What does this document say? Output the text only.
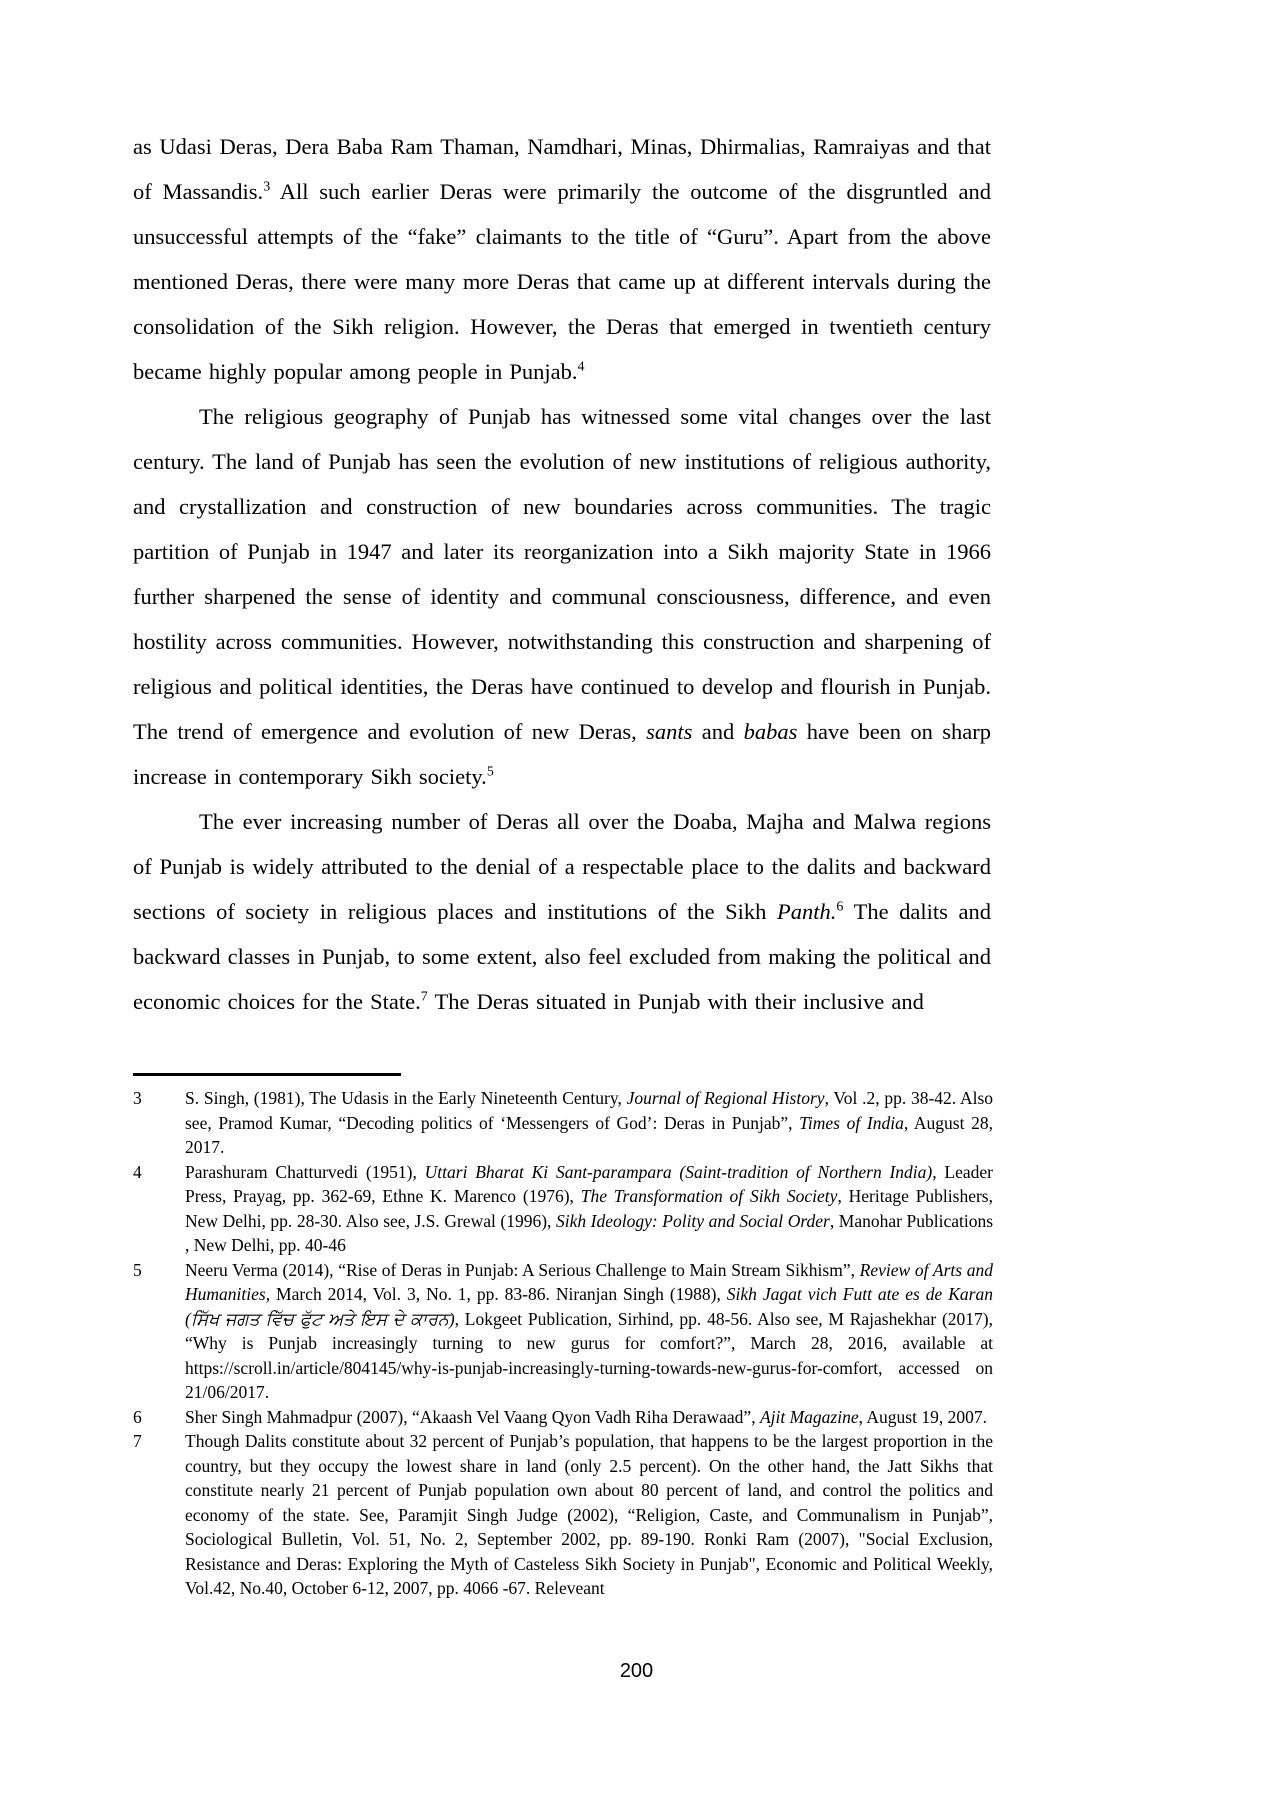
as Udasi Deras, Dera Baba Ram Thaman, Namdhari, Minas, Dhirmalias, Ramraiyas and that of Massandis.$^3$ All such earlier Deras were primarily the outcome of the disgruntled and unsuccessful attempts of the “fake” claimants to the title of “Guru”. Apart from the above mentioned Deras, there were many more Deras that came up at different intervals during the consolidation of the Sikh religion. However, the Deras that emerged in twentieth century became highly popular among people in Punjab.$^4$

The religious geography of Punjab has witnessed some vital changes over the last century. The land of Punjab has seen the evolution of new institutions of religious authority, and crystallization and construction of new boundaries across communities. The tragic partition of Punjab in 1947 and later its reorganization into a Sikh majority State in 1966 further sharpened the sense of identity and communal consciousness, difference, and even hostility across communities. However, notwithstanding this construction and sharpening of religious and political identities, the Deras have continued to develop and flourish in Punjab. The trend of emergence and evolution of new Deras, sants and babas have been on sharp increase in contemporary Sikh society.$^5$

The ever increasing number of Deras all over the Doaba, Majha and Malwa regions of Punjab is widely attributed to the denial of a respectable place to the dalits and backward sections of society in religious places and institutions of the Sikh Panth.$^6$ The dalits and backward classes in Punjab, to some extent, also feel excluded from making the political and economic choices for the State.$^7$ The Deras situated in Punjab with their inclusive and

3 S. Singh, (1981), The Udasis in the Early Nineteenth Century, Journal of Regional History, Vol .2, pp. 38-42. Also see, Pramod Kumar, “Decoding politics of ‘Messengers of God’: Deras in Punjab”, Times of India, August 28, 2017.
4 Parashuram Chatturvedi (1951), Uttari Bharat Ki Sant-parampara (Saint-tradition of Northern India), Leader Press, Prayag, pp. 362-69, Ethne K. Marenco (1976), The Transformation of Sikh Society, Heritage Publishers, New Delhi, pp. 28-30. Also see, J.S. Grewal (1996), Sikh Ideology: Polity and Social Order, Manohar Publications , New Delhi, pp. 40-46
5 Neeru Verma (2014), “Rise of Deras in Punjab: A Serious Challenge to Main Stream Sikhism”, Review of Arts and Humanities, March 2014, Vol. 3, No. 1, pp. 83-86. Niranjan Singh (1988), Sikh Jagat vich Futt ate es de Karan (ਸਿੱਖ ਜਗਤ ਵਿੱਚ ਫੁੱਟ ਅਤੇ ਇਸ ਦੇ ਕਾਰਨ), Lokgeet Publication, Sirhind, pp. 48-56. Also see, M Rajashekhar (2017), “Why is Punjab increasingly turning to new gurus for comfort?”, March 28, 2016, available at https://scroll.in/article/804145/why-is-punjab-increasingly-turning-towards-new-gurus-for-comfort, accessed on 21/06/2017.
6 Sher Singh Mahmadpur (2007), “Akaash Vel Vaang Qyon Vadh Riha Derawaad”, Ajit Magazine, August 19, 2007.
7 Though Dalits constitute about 32 percent of Punjab’s population, that happens to be the largest proportion in the country, but they occupy the lowest share in land (only 2.5 percent). On the other hand, the Jatt Sikhs that constitute nearly 21 percent of Punjab population own about 80 percent of land, and control the politics and economy of the state. See, Paramjit Singh Judge (2002), “Religion, Caste, and Communalism in Punjab”, Sociological Bulletin, Vol. 51, No. 2, September 2002, pp. 89-190. Ronki Ram (2007), "Social Exclusion, Resistance and Deras: Exploring the Myth of Casteless Sikh Society in Punjab", Economic and Political Weekly, Vol.42, No.40, October 6-12, 2007, pp. 4066 -67. Releveant
200
